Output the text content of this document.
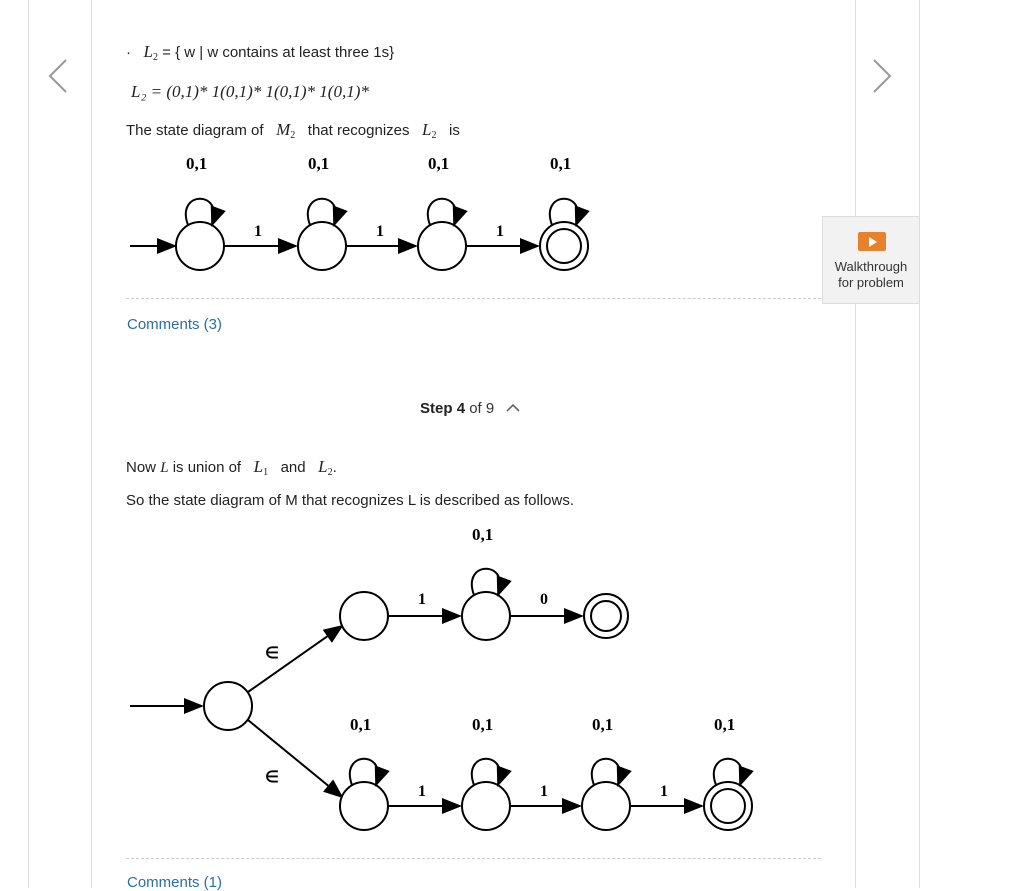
· $L_2$ = { w | w contains at least three 1s}
L₂ = (0,1)* 1(0,1)* 1(0,1)* 1(0,1)*
The state diagram of $M_2$ that recognizes $L_2$ is
0,1	0,1	0,1	0,1
1	1	1
Comments (3)
Walkthrough
for problem
Step 4 of 9
Now L is union of $L_1$ and $L_2$.
So the state diagram of M that recognizes L is described as follows.
∈
∈
0,1
1	0
0,1	0,1	0,1	0,1
1	1	1
Comments (1)
